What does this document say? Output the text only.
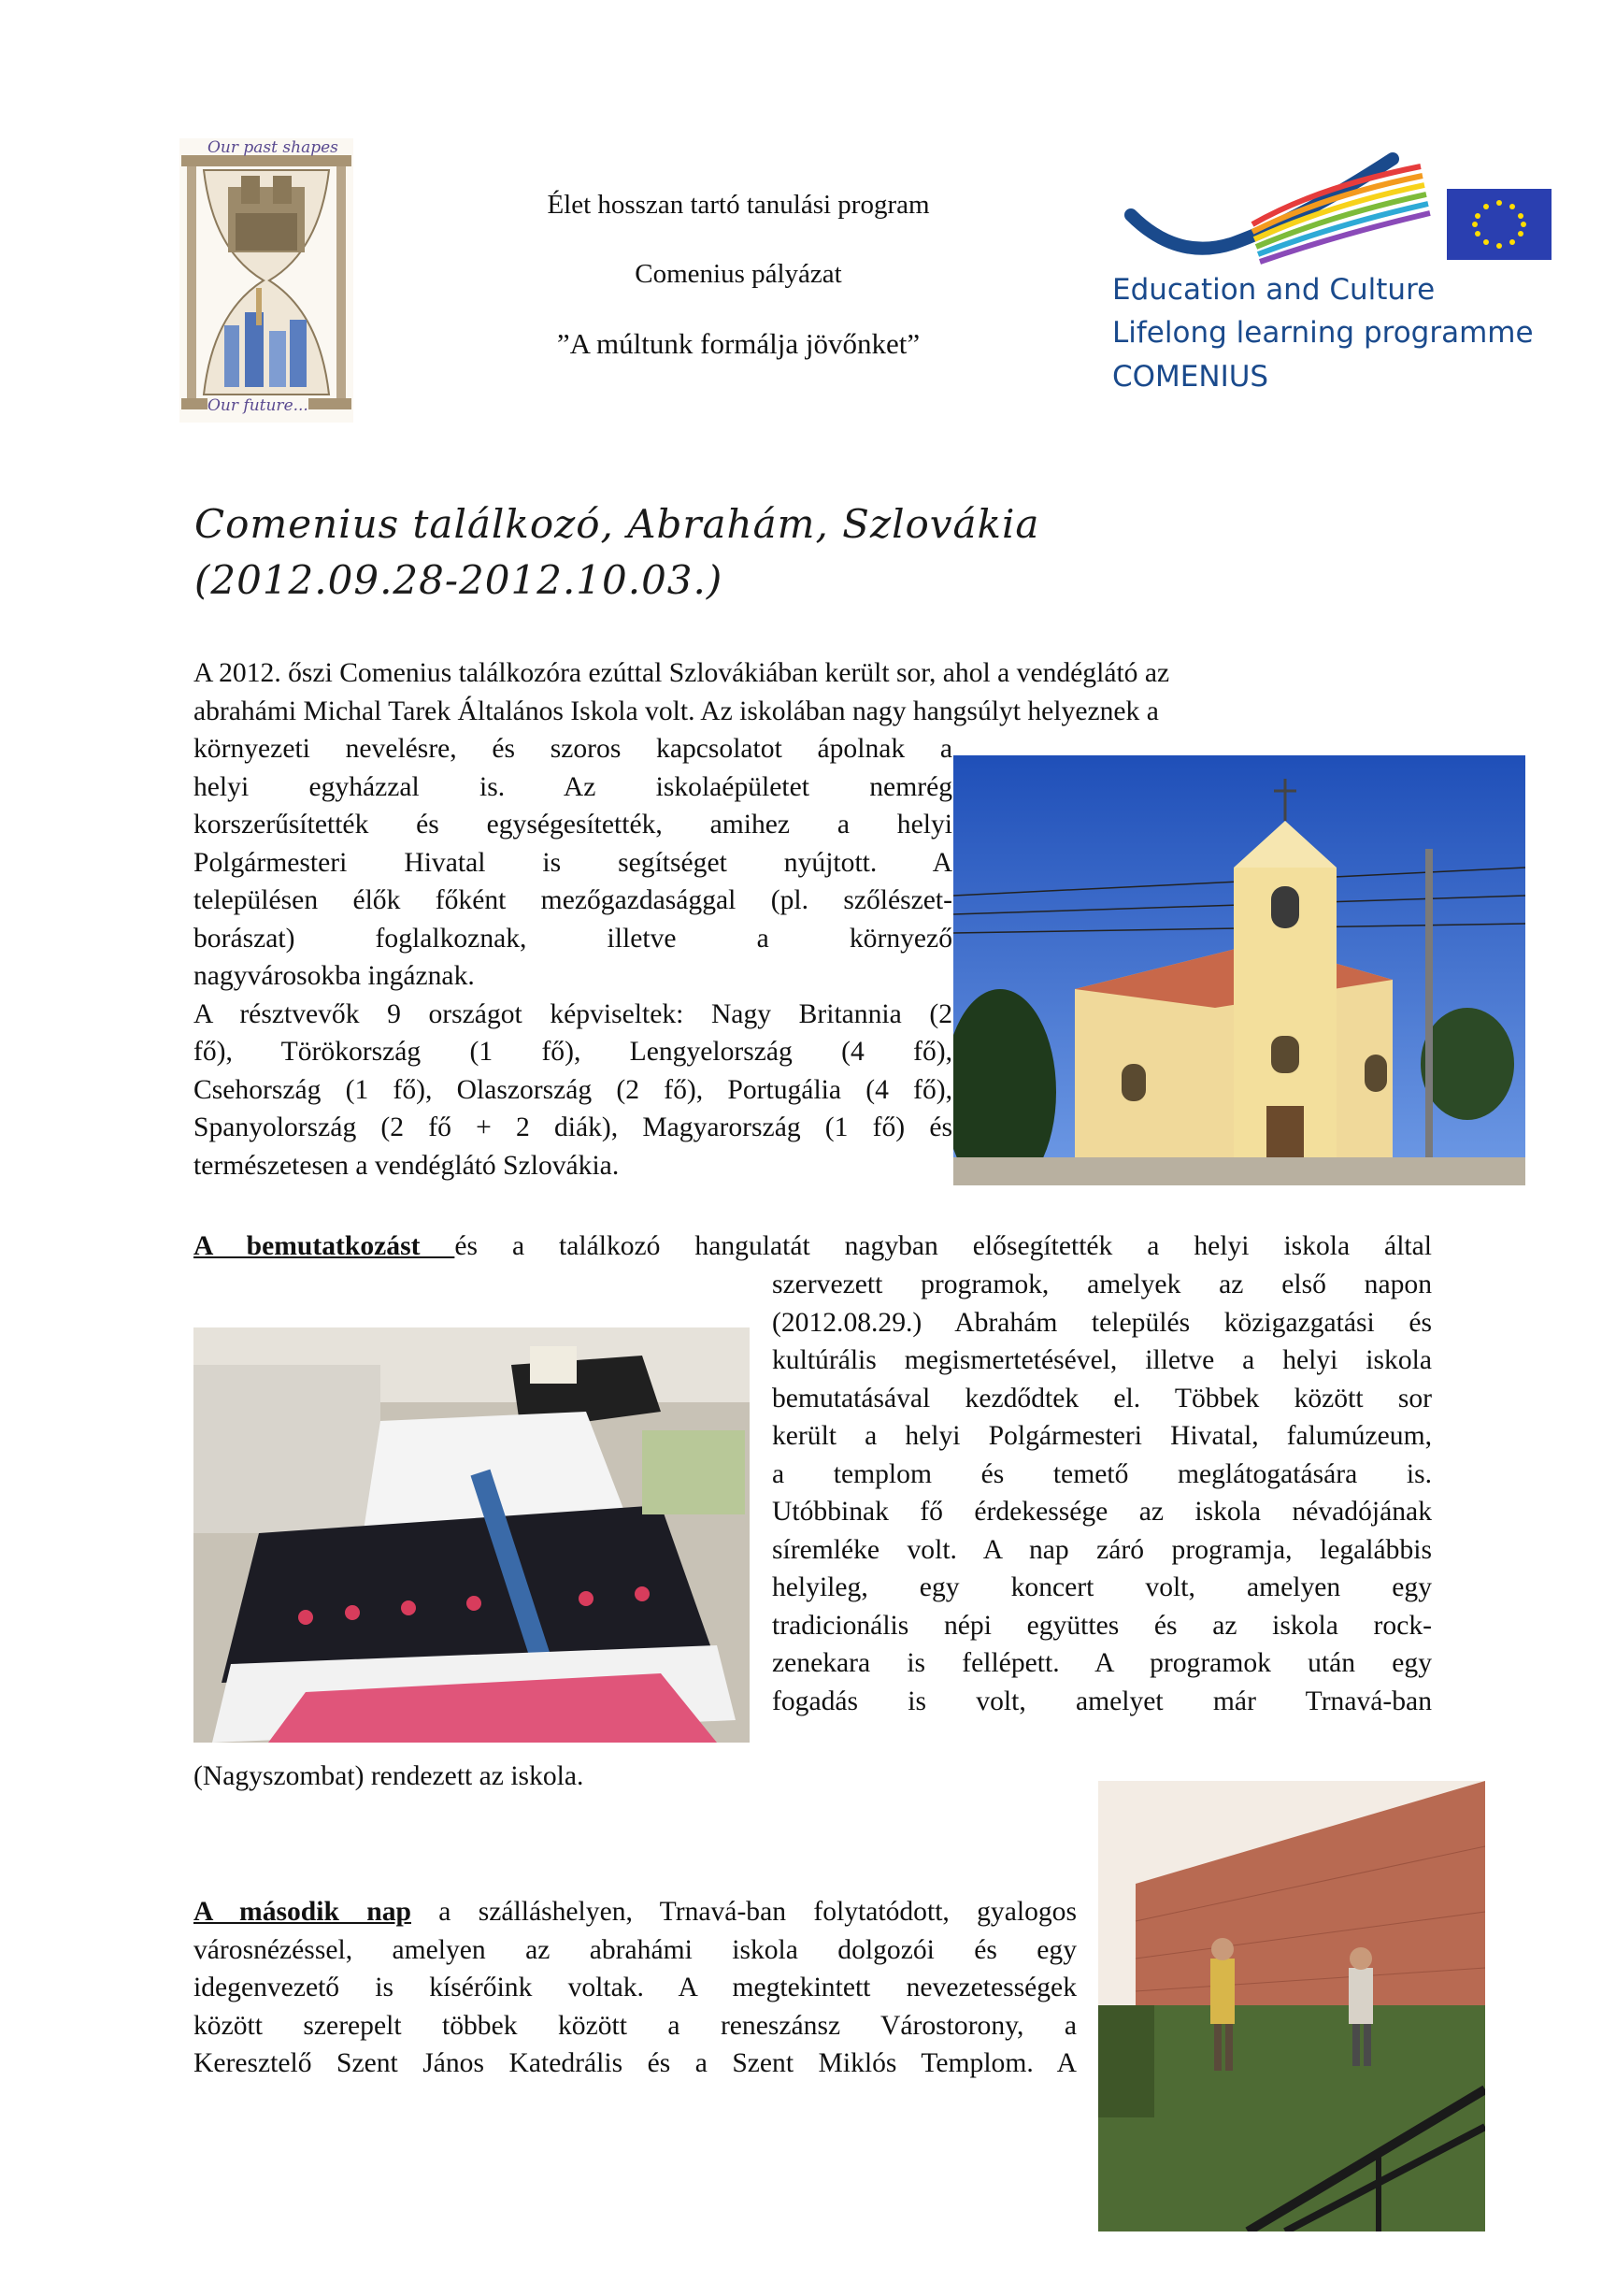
Our past shapes
Our future...
Élet hosszan tartó tanulási program
Comenius pályázat
”A múltunk formálja jövőnket”
Education and Culture
Lifelong learning programme
COMENIUS
Comenius találkozó, Abrahám, Szlovákia
(2012.09.28-2012.10.03.)

A 2012. őszi Comenius találkozóra ezúttal Szlovákiában került sor, ahol a vendéglátó az

abrahámi Michal Tarek Általános Iskola volt. Az iskolában nagy hangsúlyt helyeznek a

környezeti nevelésre, és szoros kapcsolatot ápolnak a

helyi egyházzal is. Az iskolaépületet nemrég

korszerűsítették és egységesítették, amihez a helyi

Polgármesteri Hivatal is segítséget nyújtott. A

településen élők főként mezőgazdasággal (pl. szőlészet-

borászat) foglalkoznak, illetve a környező

nagyvárosokba ingáznak.

A résztvevők 9 országot képviseltek: Nagy Britannia (2

fő), Törökország (1 fő), Lengyelország (4 fő),

Csehország (1 fő), Olaszország (2 fő), Portugália (4 fő),

Spanyolország (2 fő + 2 diák), Magyarország (1 fő) és

természetesen a vendéglátó Szlovákia.

A bemutatkozást és a találkozó hangulatát nagyban elősegítették a helyi iskola által

szervezett programok, amelyek az első napon

(2012.08.29.) Abrahám település közigazgatási és

kultúrális megismertetésével, illetve a helyi iskola

bemutatásával kezdődtek el. Többek között sor

került a helyi Polgármesteri Hivatal, falumúzeum,

a templom és temető meglátogatására is.

Utóbbinak fő érdekessége az iskola névadójának

síremléke volt. A nap záró programja, legalábbis

helyileg, egy koncert volt, amelyen egy

tradicionális népi együttes és az iskola rock-

zenekara is fellépett. A programok után egy

fogadás is volt, amelyet már Trnavá-ban

(Nagyszombat) rendezett az iskola.

A második nap a szálláshelyen, Trnavá-ban folytatódott, gyalogos

városnézéssel, amelyen az abrahámi iskola dolgozói és egy

idegenvezető is kísérőink voltak. A megtekintett nevezetességek

között szerepelt többek között a reneszánsz Várostorony, a

Keresztelő Szent János Katedrális és a Szent Miklós Templom. A
